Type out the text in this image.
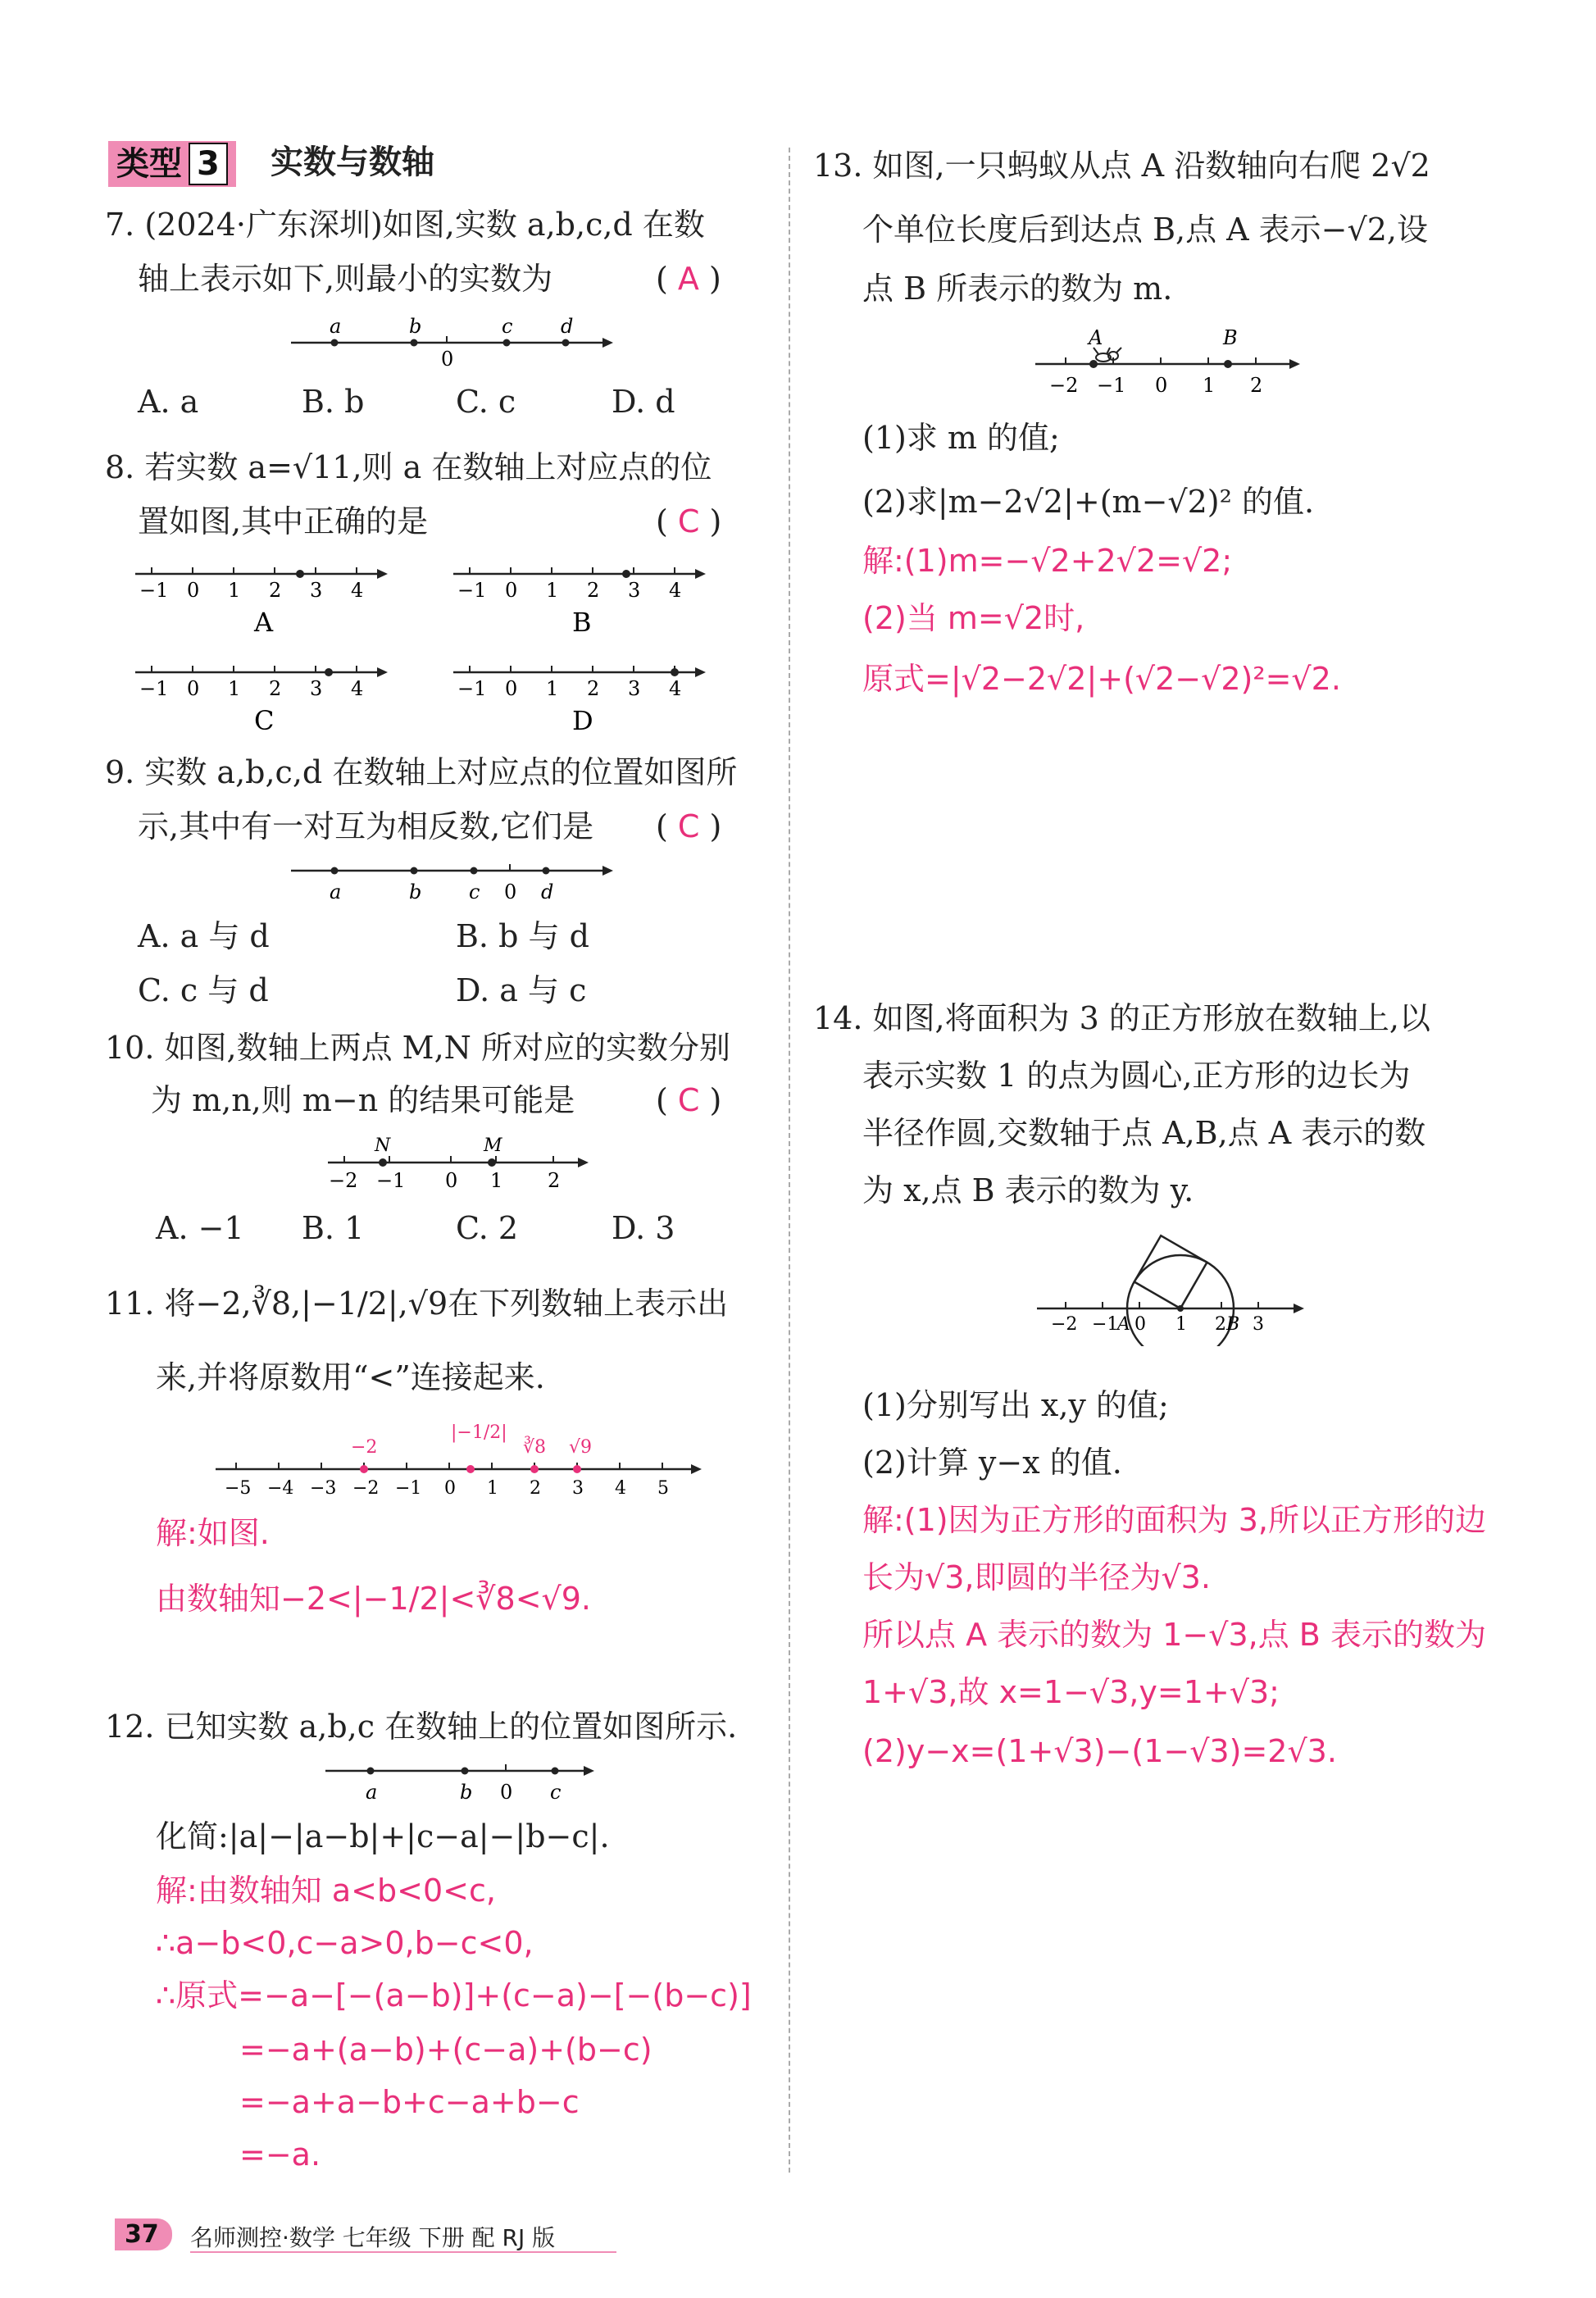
类型 3	实数与数轴
7. (2024·广东深圳)如图,实数 a,b,c,d 在数
轴上表示如下,则最小的实数为	( A )
a	b	c d
0
A. a	B. b	C. c	D. d
8. 若实数 a=√11,则 a 在数轴上对应点的位
置如图,其中正确的是	( C )
−1 0 1 2 3 4
A
−1 0 1 2 3 4
B
−1 0 1 2 3 4
C
−1 0 1 2 3 4
D
9. 实数 a,b,c,d 在数轴上对应点的位置如图所
示,其中有一对互为相反数,它们是 ( C )
a	b c	d
0
A. a 与 d	B. b 与 d
C. c 与 d	D. a 与 c
10. 如图,数轴上两点 M,N 所对应的实数分别
为 m,n,则 m−n 的结果可能是	( C )
N	M
−2 −1 0 1 2
A. −1 B. 1	C. 2	D. 3
11. 将−2,∛8,|−1/2|,√9在下列数轴上表示出
来,并将原数用“<”连接起来.
−2
|−1/2|
∛8 √9
−5 −4 −3 −2 −1 0 1 2 3 4 5
解:如图.
由数轴知−2<|−1/2|<∛8<√9.
12. 已知实数 a,b,c 在数轴上的位置如图所示.
a	b	c
0
化简:|a|−|a−b|+|c−a|−|b−c|.
解:由数轴知 a<b<0<c,
∴a−b<0,c−a>0,b−c<0,
∴原式=−a−[−(a−b)]+(c−a)−[−(b−c)]
=−a+(a−b)+(c−a)+(b−c)
=−a+a−b+c−a+b−c
=−a.
13. 如图,一只蚂蚁从点 A 沿数轴向右爬 2√2
个单位长度后到达点 B,点 A 表示−√2,设
点 B 所表示的数为 m.
A	B
−2 −1 0 1 2
(1)求 m 的值;
(2)求|m−2√2|+(m−√2)² 的值.
解:(1)m=−√2+2√2=√2;
(2)当 m=√2时,
原式=|√2−2√2|+(√2−√2)²=√2.
14. 如图,将面积为 3 的正方形放在数轴上,以
表示实数 1 的点为圆心,正方形的边长为
半径作圆,交数轴于点 A,B,点 A 表示的数
为 x,点 B 表示的数为 y.
−2 −1
A 0 1 2 B 3
(1)分别写出 x,y 的值;
(2)计算 y−x 的值.
解:(1)因为正方形的面积为 3,所以正方形的边
长为√3,即圆的半径为√3.
所以点 A 表示的数为 1−√3,点 B 表示的数为
1+√3,故 x=1−√3,y=1+√3;
(2)y−x=(1+√3)−(1−√3)=2√3.
37	名师测控·数学 七年级 下册 配 RJ 版
